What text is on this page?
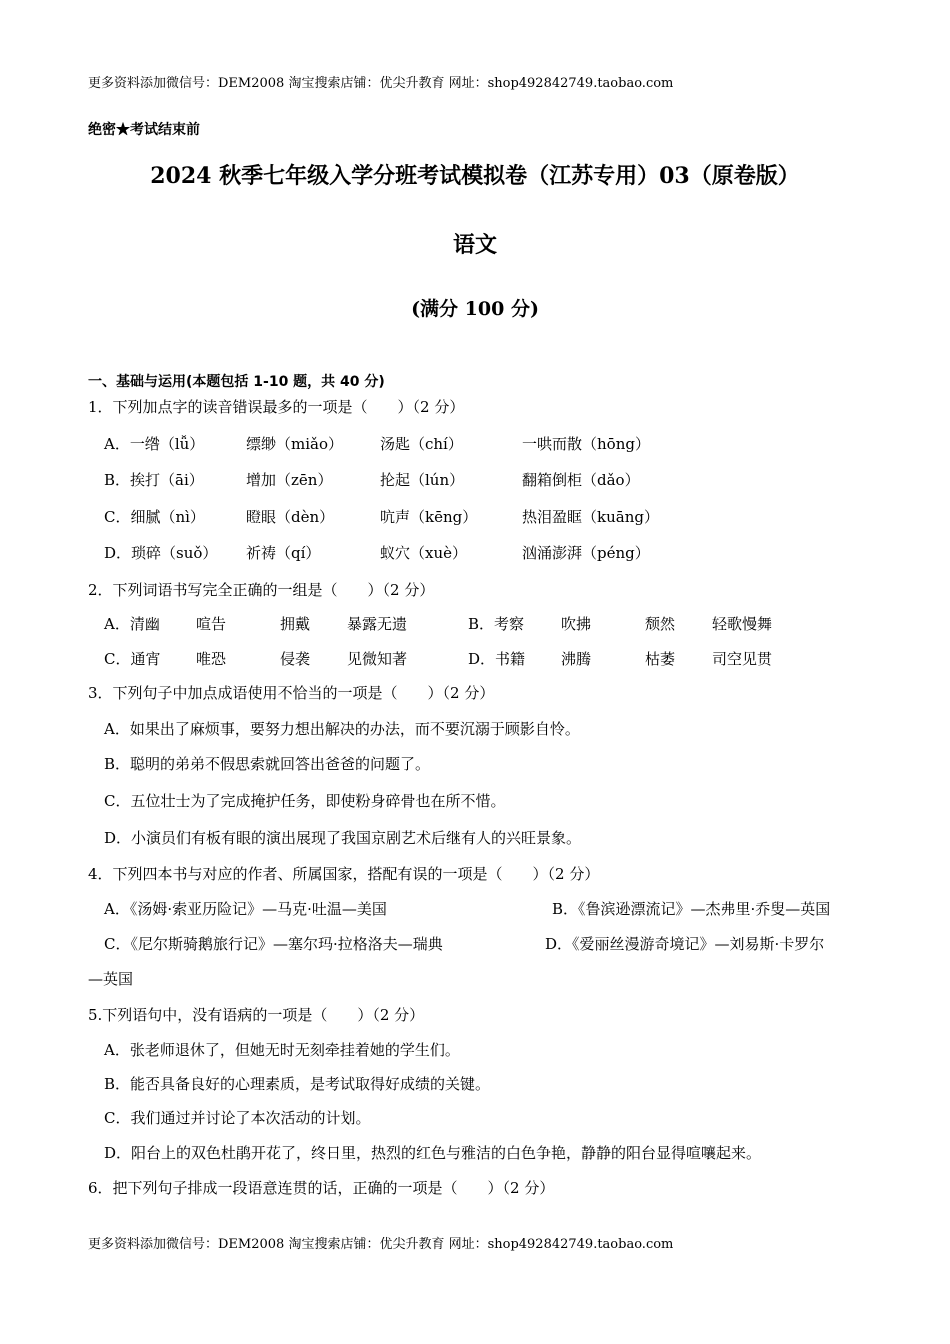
更多资料添加微信号：DEM2008 淘宝搜索店铺：优尖升教育 网址：shop492842749.taobao.com
绝密★考试结束前
2024 秋季七年级入学分班考试模拟卷（江苏专用）03（原卷版）
语文
(满分 100 分)
一、基础与运用(本题包括 1-10 题，共 40 分)
1．下列加点字的读音错误最多的一项是（　　）（2 分）
A．一绺（lǚ）	缥缈（miǎo） 汤匙（chí）	一哄而散（hōng）
B．挨打（āi）	增加（zēn）	抡起（lún）	翻箱倒柜（dǎo）
C．细腻（nì）	瞪眼（dèn）	吭声（kēng）	热泪盈眶（kuāng）
D．琐碎（suǒ） 祈祷（qí）	蚁穴（xuè）	汹涌澎湃（péng）
2．下列词语书写完全正确的一组是（　　）（2 分）
A．清幽 喧告	拥戴 暴露无遗	B．考察 吹拂	颓然 轻歌慢舞
C．通宵 唯恐	侵袭 见微知著	D．书籍 沸腾	枯萎 司空见贯
3．下列句子中加点成语使用不恰当的一项是（　　）（2 分）
A．如果出了麻烦事，要努力想出解决的办法，而不要沉溺于顾影自怜。
B．聪明的弟弟不假思索就回答出爸爸的问题了。
C．五位壮士为了完成掩护任务，即使粉身碎骨也在所不惜。
D．小演员们有板有眼的演出展现了我国京剧艺术后继有人的兴旺景象。
4．下列四本书与对应的作者、所属国家，搭配有误的一项是（　　）（2 分）
A．《汤姆·索亚历险记》—马克·吐温—美国	B．《鲁滨逊漂流记》—杰弗里·乔叟—英国
C．《尼尔斯骑鹅旅行记》—塞尔玛·拉格洛夫—瑞典	D．《爱丽丝漫游奇境记》—刘易斯·卡罗尔
—英国
5.下列语句中，没有语病的一项是（　　）（2 分）
A．张老师退休了，但她无时无刻牵挂着她的学生们。
B．能否具备良好的心理素质，是考试取得好成绩的关键。
C．我们通过并讨论了本次活动的计划。
D．阳台上的双色杜鹃开花了，终日里，热烈的红色与雅洁的白色争艳，静静的阳台显得喧嚷起来。
6．把下列句子排成一段语意连贯的话，正确的一项是（　　）（2 分）
更多资料添加微信号：DEM2008 淘宝搜索店铺：优尖升教育 网址：shop492842749.taobao.com
